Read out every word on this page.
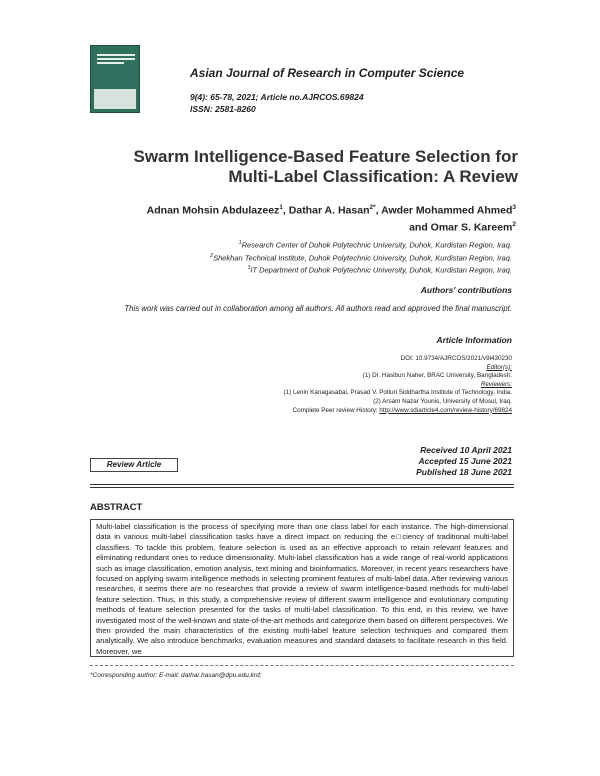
Asian Journal of Research in Computer Science
9(4): 65-78, 2021; Article no.AJRCOS.69824
ISSN: 2581-8260
Swarm Intelligence-Based Feature Selection for
Multi-Label Classification: A Review
Adnan Mohsin Abdulazeez$^1$, Dathar A. Hasan$^{2*}$, Awder Mohammed Ahmed$^3$
and Omar S. Kareem$^2$
$^1$Research Center of Duhok Polytechnic University, Duhok, Kurdistan Region, Iraq.
$^2$Shekhan Technical Institute, Duhok Polytechnic University, Duhok, Kurdistan Region, Iraq.
$^3$IT Department of Duhok Polytechnic University, Duhok, Kurdistan Region, Iraq.
Authors' contributions
This work was carried out in collaboration among all authors. All authors read and approved the final manuscript.
Article Information
DOI: 10.9734/AJRCOS/2021/v9i430230
Editor(s):
(1) Dr. Hasibun Naher, BRAC University, Bangladesh.
Reviewers:
(1) Lenin Kanagasabai, Prasad V. Potluri Siddhartha Institute of Technology, India.
(2) Arsam Nazar Younis, University of Mosul, Iraq.
Complete Peer review History: http://www.sdiarticle4.com/review-history/69824
Received 10 April 2021
Accepted 15 June 2021
Published 18 June 2021
Review Article
ABSTRACT
Multi-label classification is the process of specifying more than one class label for each instance. The high-dimensional data in various multi-label classification tasks have a direct impact on reducing the e□ciency of traditional multi-label classifiers. To tackle this problem, feature selection is used as an effective approach to retain relevant features and eliminating redundant ones to reduce dimensionality. Multi-label classification has a wide range of real-world applications such as image classification, emotion analysis, text mining and bioinformatics. Moreover, in recent years researchers have focused on applying swarm intelligence methods in selecting prominent features of multi-label data. After reviewing various researches, it seems there are no researches that provide a review of swarm intelligence-based methods for multi-label feature selection. Thus, in this study, a comprehensive review of different swarm intelligence and evolutionary computing methods of feature selection presented for the tasks of multi-label classification. To this end, in this review, we have investigated most of the well-known and state-of-the-art methods and categorize them based on different perspectives. We then provided the main characteristics of the existing multi-label feature selection techniques and compared them analytically. We also introduce benchmarks, evaluation measures and standard datasets to facilitate research in this field. Moreover, we
*Corresponding author: E-mail: dathar.hasan@dpu.edu.krd;
